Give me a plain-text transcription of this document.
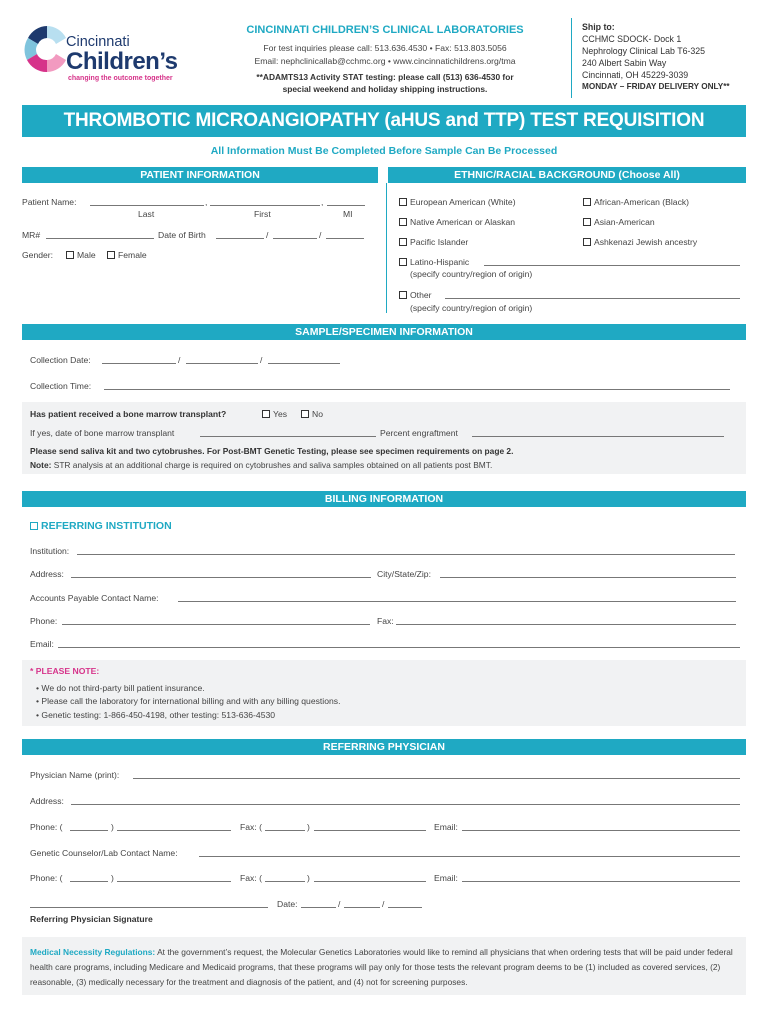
Cincinnati
Children’s
changing the outcome together
CINCINNATI CHILDREN’S CLINICAL LABORATORIES
For test inquiries please call: 513.636.4530 • Fax: 513.803.5056
Email: nephclinicallab@cchmc.org • www.cincinnatichildrens.org/tma
**ADAMTS13 Activity STAT testing: please call (513) 636-4530 for
special weekend and holiday shipping instructions.
Ship to:
CCHMC SDOCK- Dock 1
Nephrology Clinical Lab T6-325
240 Albert Sabin Way
Cincinnati, OH 45229-3039
MONDAY – FRIDAY DELIVERY ONLY**
THROMBOTIC MICROANGIOPATHY (aHUS and TTP) TEST REQUISITION
All Information Must Be Completed Before Sample Can Be Processed
PATIENT INFORMATION	ETHNIC/RACIAL BACKGROUND (Choose All)
Patient Name:	,	,
Last	First	MI
MR#	Date of Birth	/	/
Gender:	Male	Female
European American (White)	African-American (Black)
Native American or Alaskan	Asian-American
Pacific Islander	Ashkenazi Jewish ancestry
Latino-Hispanic
(specify country/region of origin)
Other
(specify country/region of origin)
SAMPLE/SPECIMEN INFORMATION
Collection Date:	/	/
Collection Time:
Has patient received a bone marrow transplant?	Yes	No
If yes, date of bone marrow transplant	Percent engraftment
Please send saliva kit and two cytobrushes. For Post-BMT Genetic Testing, please see specimen requirements on page 2.
Note: STR analysis at an additional charge is required on cytobrushes and saliva samples obtained on all patients post BMT.
BILLING INFORMATION
REFERRING INSTITUTION
Institution:
Address:	City/State/Zip:
Accounts Payable Contact Name:
Phone:	Fax:
Email:
* PLEASE NOTE:
• We do not third-party bill patient insurance.
• Please call the laboratory for international billing and with any billing questions.
• Genetic testing: 1-866-450-4198, other testing: 513-636-4530
REFERRING PHYSICIAN
Physician Name (print):
Address:
Phone: (	)	Fax: (	)	Email:
Genetic Counselor/Lab Contact Name:
Phone: (	)	Fax: (	)	Email:
Date:	/	/
Referring Physician Signature
Medical Necessity Regulations: At the government’s request, the Molecular Genetics Laboratories would like to remind all physicians that when ordering tests that will be paid under federal health care programs, including Medicare and Medicaid programs, that these programs will pay only for those tests the relevant program deems to be (1) included as covered services, (2) reasonable, (3) medically necessary for the treatment and diagnosis of the patient, and (4) not for screening purposes.
